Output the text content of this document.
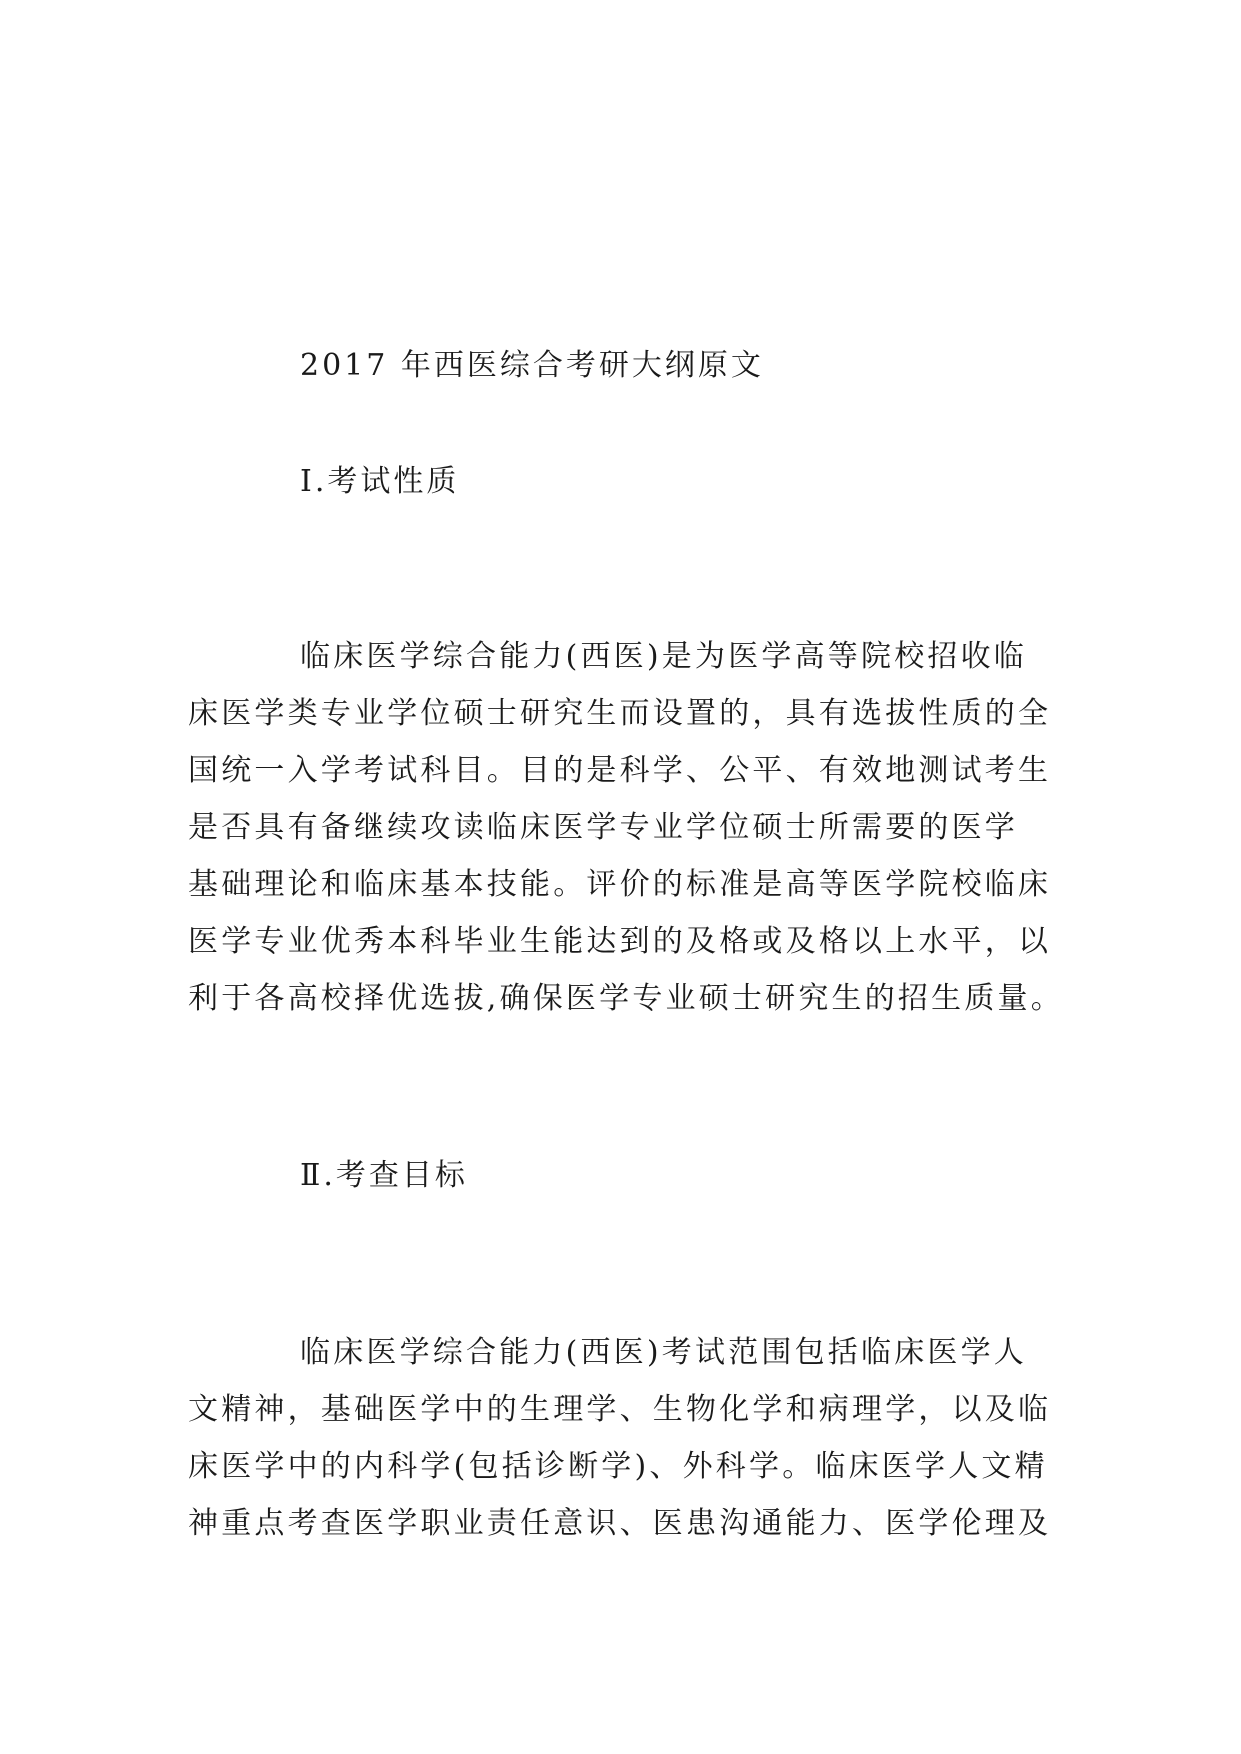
2017 年西医综合考研大纲原文
Ⅰ.考试性质
临床医学综合能力(西医)是为医学高等院校招收临
床医学类专业学位硕士研究生而设置的，具有选拔性质的全
国统一入学考试科目。目的是科学、公平、有效地测试考生
是否具有备继续攻读临床医学专业学位硕士所需要的医学
基础理论和临床基本技能。评价的标准是高等医学院校临床
医学专业优秀本科毕业生能达到的及格或及格以上水平，以
利于各高校择优选拔,确保医学专业硕士研究生的招生质量。
Ⅱ.考查目标
临床医学综合能力(西医)考试范围包括临床医学人
文精神，基础医学中的生理学、生物化学和病理学，以及临
床医学中的内科学(包括诊断学)、外科学。临床医学人文精
神重点考查医学职业责任意识、医患沟通能力、医学伦理及
